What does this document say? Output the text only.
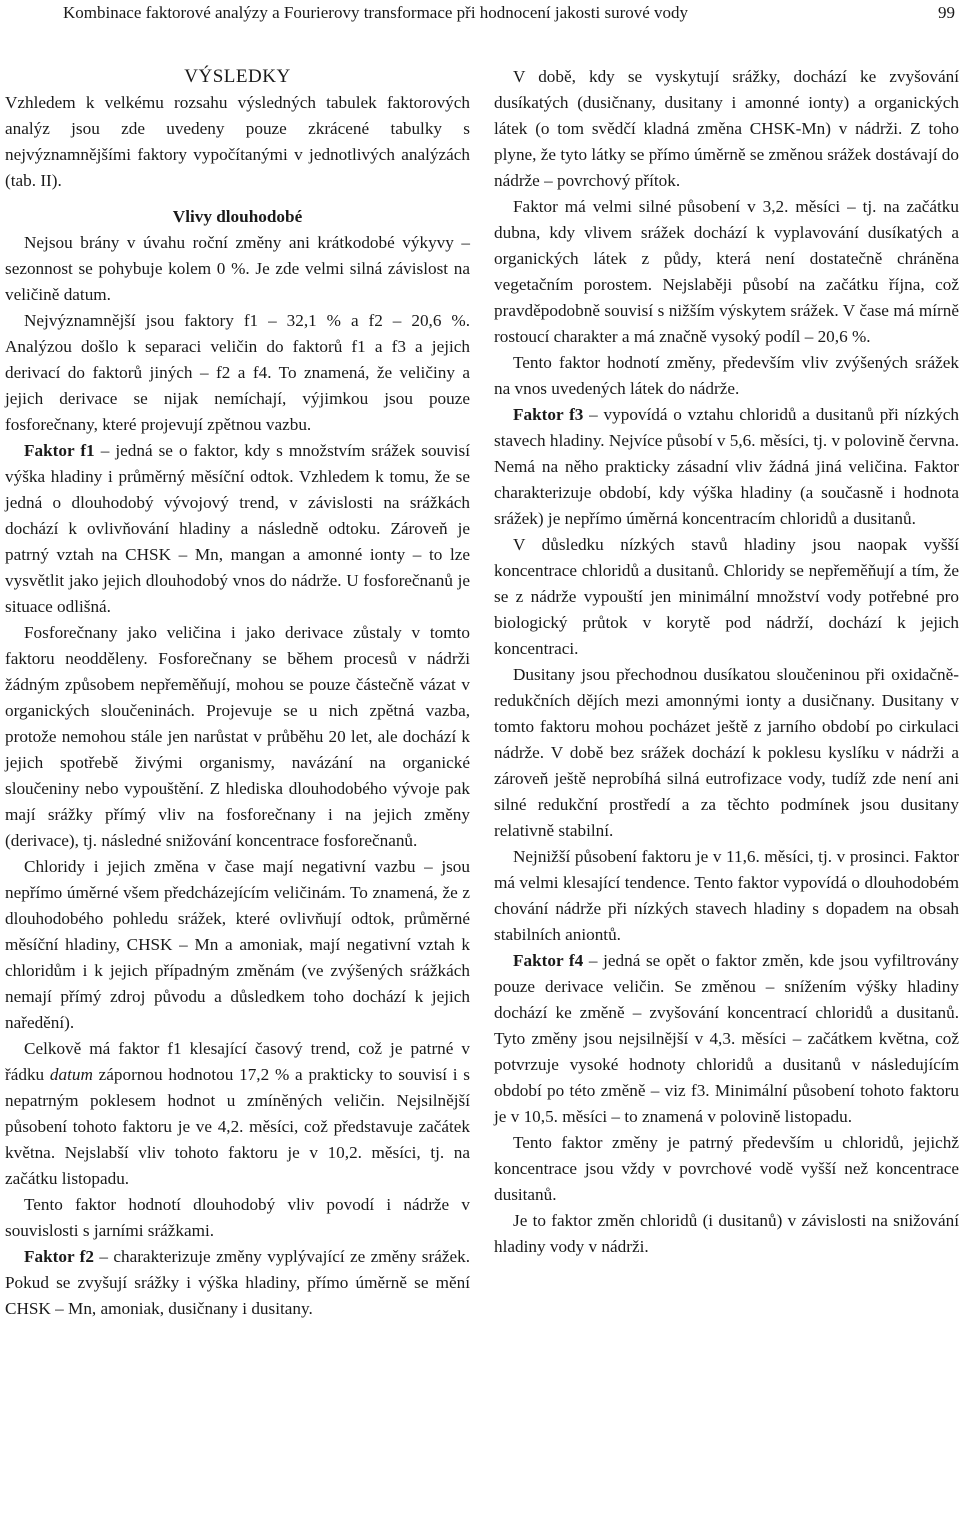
Kombinace faktorové analýzy a Fourierovy transformace při hodnocení jakosti surové vody	99
VÝSLEDKY

Vzhledem k velkému rozsahu výsledných tabulek faktorových analýz jsou zde uvedeny pouze zkrácené tabulky s nejvýznamnějšími faktory vypočítanými v jednotlivých analýzách (tab. II).

Vlivy dlouhodobé

Nejsou brány v úvahu roční změny ani krátkodobé výkyvy – sezonnost se pohybuje kolem 0 %. Je zde velmi silná závislost na veličině datum.

Nejvýznamnější jsou faktory f1 – 32,1 % a f2 – 20,6 %. Analýzou došlo k separaci veličin do faktorů f1 a f3 a jejich derivací do faktorů jiných – f2 a f4. To znamená, že veličiny a jejich derivace se nijak nemíchají, výjimkou jsou pouze fosforečnany, které projevují zpětnou vazbu.

Faktor f1 – jedná se o faktor, kdy s množstvím srážek souvisí výška hladiny i průměrný měsíční odtok. Vzhledem k tomu, že se jedná o dlouhodobý vývojový trend, v závislosti na srážkách dochází k ovlivňování hladiny a následně odtoku. Zároveň je patrný vztah na CHSK – Mn, mangan a amonné ionty – to lze vysvětlit jako jejich dlouhodobý vnos do nádrže. U fosforečnanů je situace odlišná.

Fosforečnany jako veličina i jako derivace zůstaly v tomto faktoru neodděleny. Fosforečnany se během procesů v nádrži žádným způsobem nepřeměňují, mohou se pouze částečně vázat v organických sloučeninách. Projevuje se u nich zpětná vazba, protože nemohou stále jen narůstat v průběhu 20 let, ale dochází k jejich spotřebě živými organismy, navázání na organické sloučeniny nebo vypouštění. Z hlediska dlouhodobého vývoje pak mají srážky přímý vliv na fosforečnany i na jejich změny (derivace), tj. následné snižování koncentrace fosforečnanů.

Chloridy i jejich změna v čase mají negativní vazbu – jsou nepřímo úměrné všem předcházejícím veličinám. To znamená, že z dlouhodobého pohledu srážek, které ovlivňují odtok, průměrné měsíční hladiny, CHSK – Mn a amoniak, mají negativní vztah k chloridům i k jejich případným změnám (ve zvýšených srážkách nemají přímý zdroj původu a důsledkem toho dochází k jejich naředění).

Celkově má faktor f1 klesající časový trend, což je patrné v řádku datum zápornou hodnotou 17,2 % a prakticky to souvisí i s nepatrným poklesem hodnot u zmíněných veličin. Nejsilnější působení tohoto faktoru je ve 4,2. měsíci, což představuje začátek května. Nejslabší vliv tohoto faktoru je v 10,2. měsíci, tj. na začátku listopadu.

Tento faktor hodnotí dlouhodobý vliv povodí i nádrže v souvislosti s jarními srážkami.

Faktor f2 – charakterizuje změny vyplývající ze změny srážek. Pokud se zvyšují srážky i výška hladiny, přímo úměrně se mění CHSK – Mn, amoniak, dusičnany i dusitany.

V době, kdy se vyskytují srážky, dochází ke zvyšování dusíkatých (dusičnany, dusitany i amonné ionty) a organických látek (o tom svědčí kladná změna CHSK-Mn) v nádrži. Z toho plyne, že tyto látky se přímo úměrně se změnou srážek dostávají do nádrže – povrchový přítok.

Faktor má velmi silné působení v 3,2. měsíci – tj. na začátku dubna, kdy vlivem srážek dochází k vyplavování dusíkatých a organických látek z půdy, která není dostatečně chráněna vegetačním porostem. Nejslaběji působí na začátku října, což pravděpodobně souvisí s nižším výskytem srážek. V čase má mírně rostoucí charakter a má značně vysoký podíl – 20,6 %.

Tento faktor hodnotí změny, především vliv zvýšených srážek na vnos uvedených látek do nádrže.

Faktor f3 – vypovídá o vztahu chloridů a dusitanů při nízkých stavech hladiny. Nejvíce působí v 5,6. měsíci, tj. v polovině června. Nemá na něho prakticky zásadní vliv žádná jiná veličina. Faktor charakterizuje období, kdy výška hladiny (a současně i hodnota srážek) je nepřímo úměrná koncentracím chloridů a dusitanů.

V důsledku nízkých stavů hladiny jsou naopak vyšší koncentrace chloridů a dusitanů. Chloridy se nepřeměňují a tím, že se z nádrže vypouští jen minimální množství vody potřebné pro biologický průtok v korytě pod nádrží, dochází k jejich koncentraci.

Dusitany jsou přechodnou dusíkatou sloučeninou při oxidačně-redukčních dějích mezi amonnými ionty a dusičnany. Dusitany v tomto faktoru mohou pocházet ještě z jarního období po cirkulaci nádrže. V době bez srážek dochází k poklesu kyslíku v nádrži a zároveň ještě neprobíhá silná eutrofizace vody, tudíž zde není ani silné redukční prostředí a za těchto podmínek jsou dusitany relativně stabilní.

Nejnižší působení faktoru je v 11,6. měsíci, tj. v prosinci. Faktor má velmi klesající tendence. Tento faktor vypovídá o dlouhodobém chování nádrže při nízkých stavech hladiny s dopadem na obsah stabilních aniontů.

Faktor f4 – jedná se opět o faktor změn, kde jsou vyfiltrovány pouze derivace veličin. Se změnou – snížením výšky hladiny dochází ke změně – zvyšování koncentrací chloridů a dusitanů. Tyto změny jsou nejsilnější v 4,3. měsíci – začátkem května, což potvrzuje vysoké hodnoty chloridů a dusitanů v následujícím období po této změně – viz f3. Minimální působení tohoto faktoru je v 10,5. měsíci – to znamená v polovině listopadu.

Tento faktor změny je patrný především u chloridů, jejichž koncentrace jsou vždy v povrchové vodě vyšší než koncentrace dusitanů.

Je to faktor změn chloridů (i dusitanů) v závislosti na snižování hladiny vody v nádrži.
